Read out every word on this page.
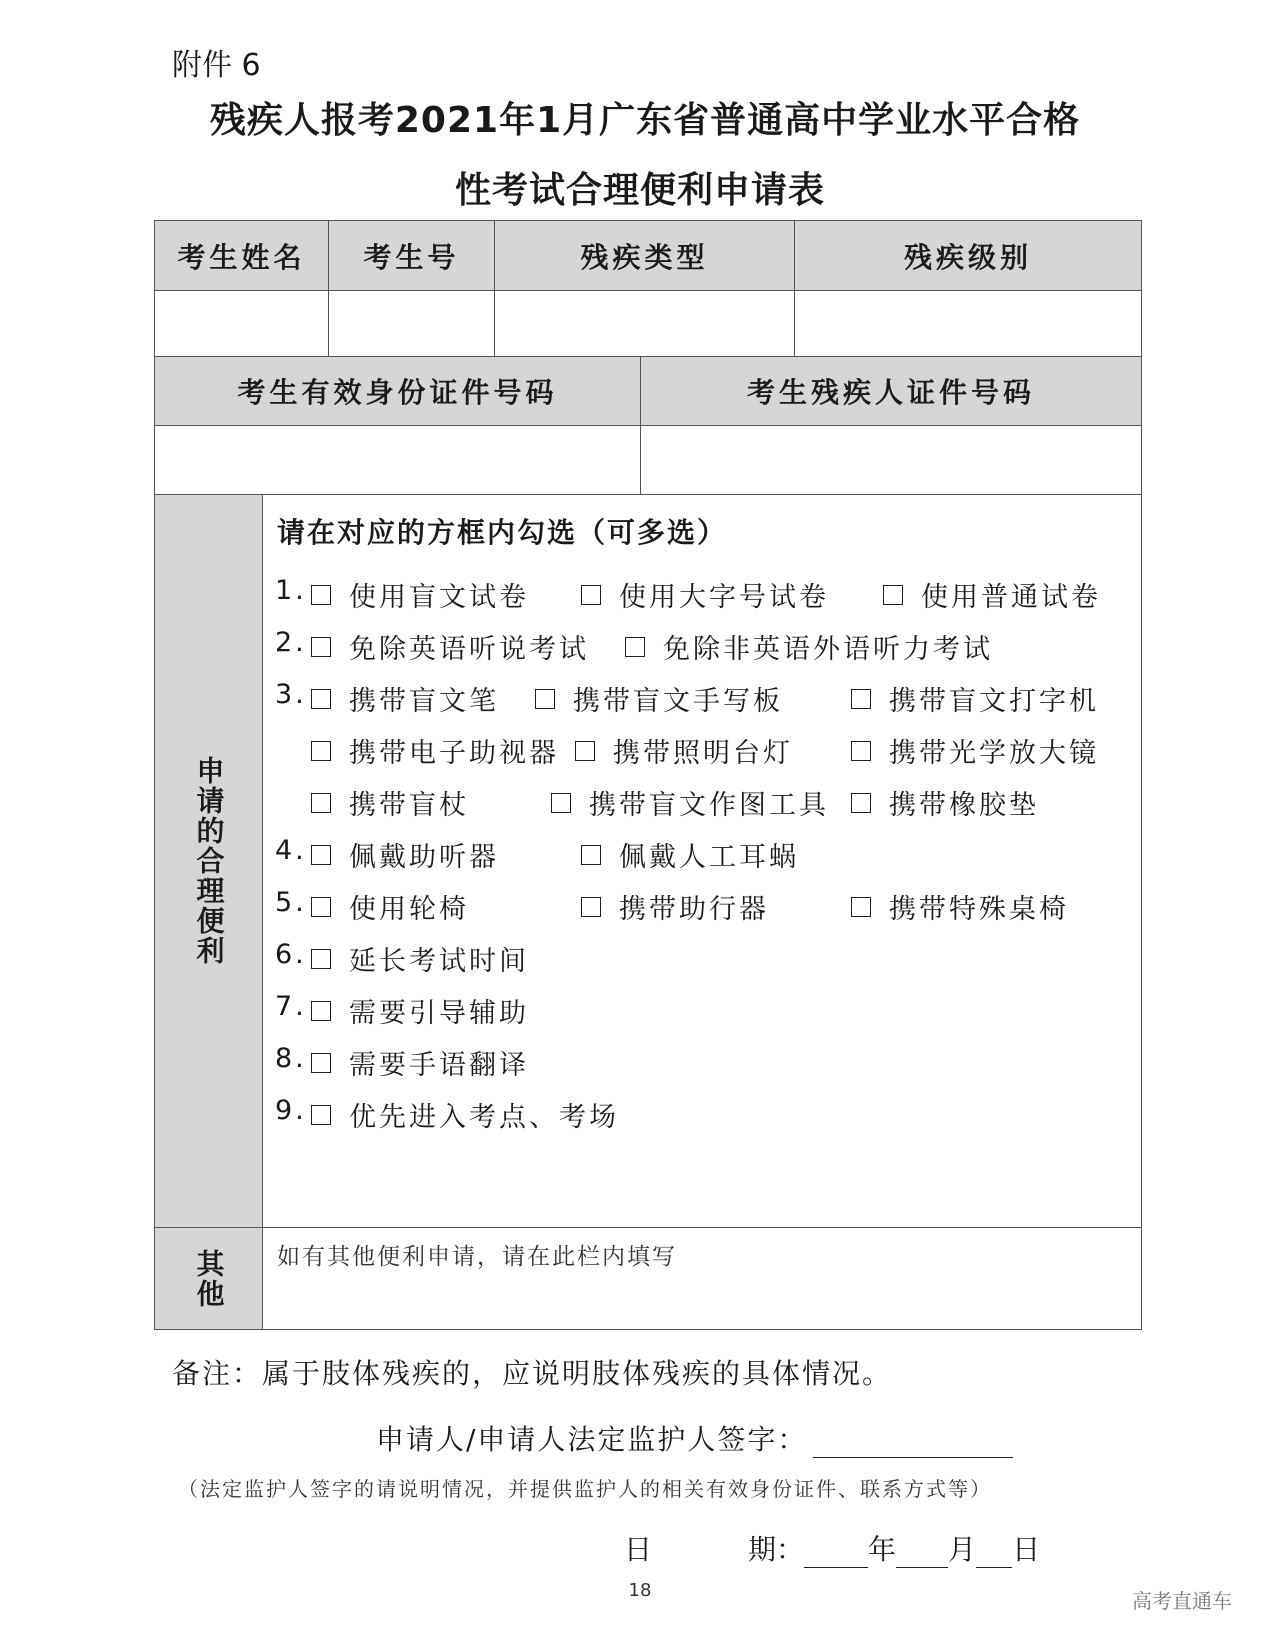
附件 6
残疾人报考2021年1月广东省普通高中学业水平合格
性考试合理便利申请表
考生姓名	考生号	残疾类型	残疾级别
考生有效身份证件号码	考生残疾人证件号码
申请的合理便利
请在对应的方框内勾选（可多选）
1.	使用盲文试卷	使用大字号试卷	使用普通试卷
2.	免除英语听说考试	免除非英语外语听力考试
3.	携带盲文笔	携带盲文手写板	携带盲文打字机
携带电子助视器 携带照明台灯	携带光学放大镜
携带盲杖	携带盲文作图工具 携带橡胶垫
4.	佩戴助听器	佩戴人工耳蜗
5.	使用轮椅	携带助行器	携带特殊桌椅
6.	延长考试时间
7.	需要引导辅助
8.	需要手语翻译
9.	优先进入考点、考场
其他 如有其他便利申请，请在此栏内填写
备注：属于肢体残疾的，应说明肢体残疾的具体情况。
申请人/申请人法定监护人签字：
（法定监护人签字的请说明情况，并提供监护人的相关有效身份证件、联系方式等）
日	期： 年 月 日
18	高考直通车
